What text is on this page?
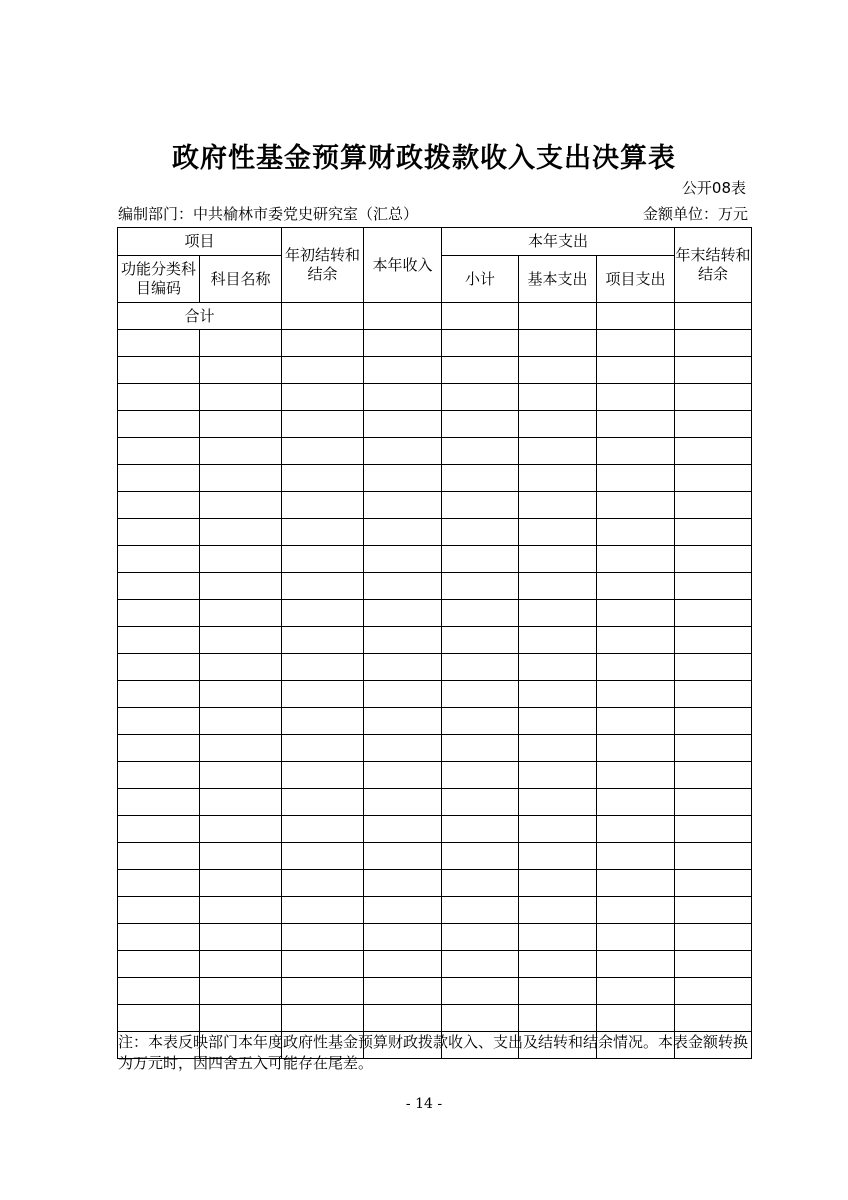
政府性基金预算财政拨款收入支出决算表
公开08表
编制部门：中共榆林市委党史研究室（汇总）	金额单位：万元
项目		年初结转和结余	本年收入	本年支出			年末结转和结余
功能分类科目编码	科目名称			小计	基本支出	项目支出	
合计							

注：本表反映部门本年度政府性基金预算财政拨款收入、支出及结转和结余情况。本表金额转换为万元时，因四舍五入可能存在尾差。
- 14 -
